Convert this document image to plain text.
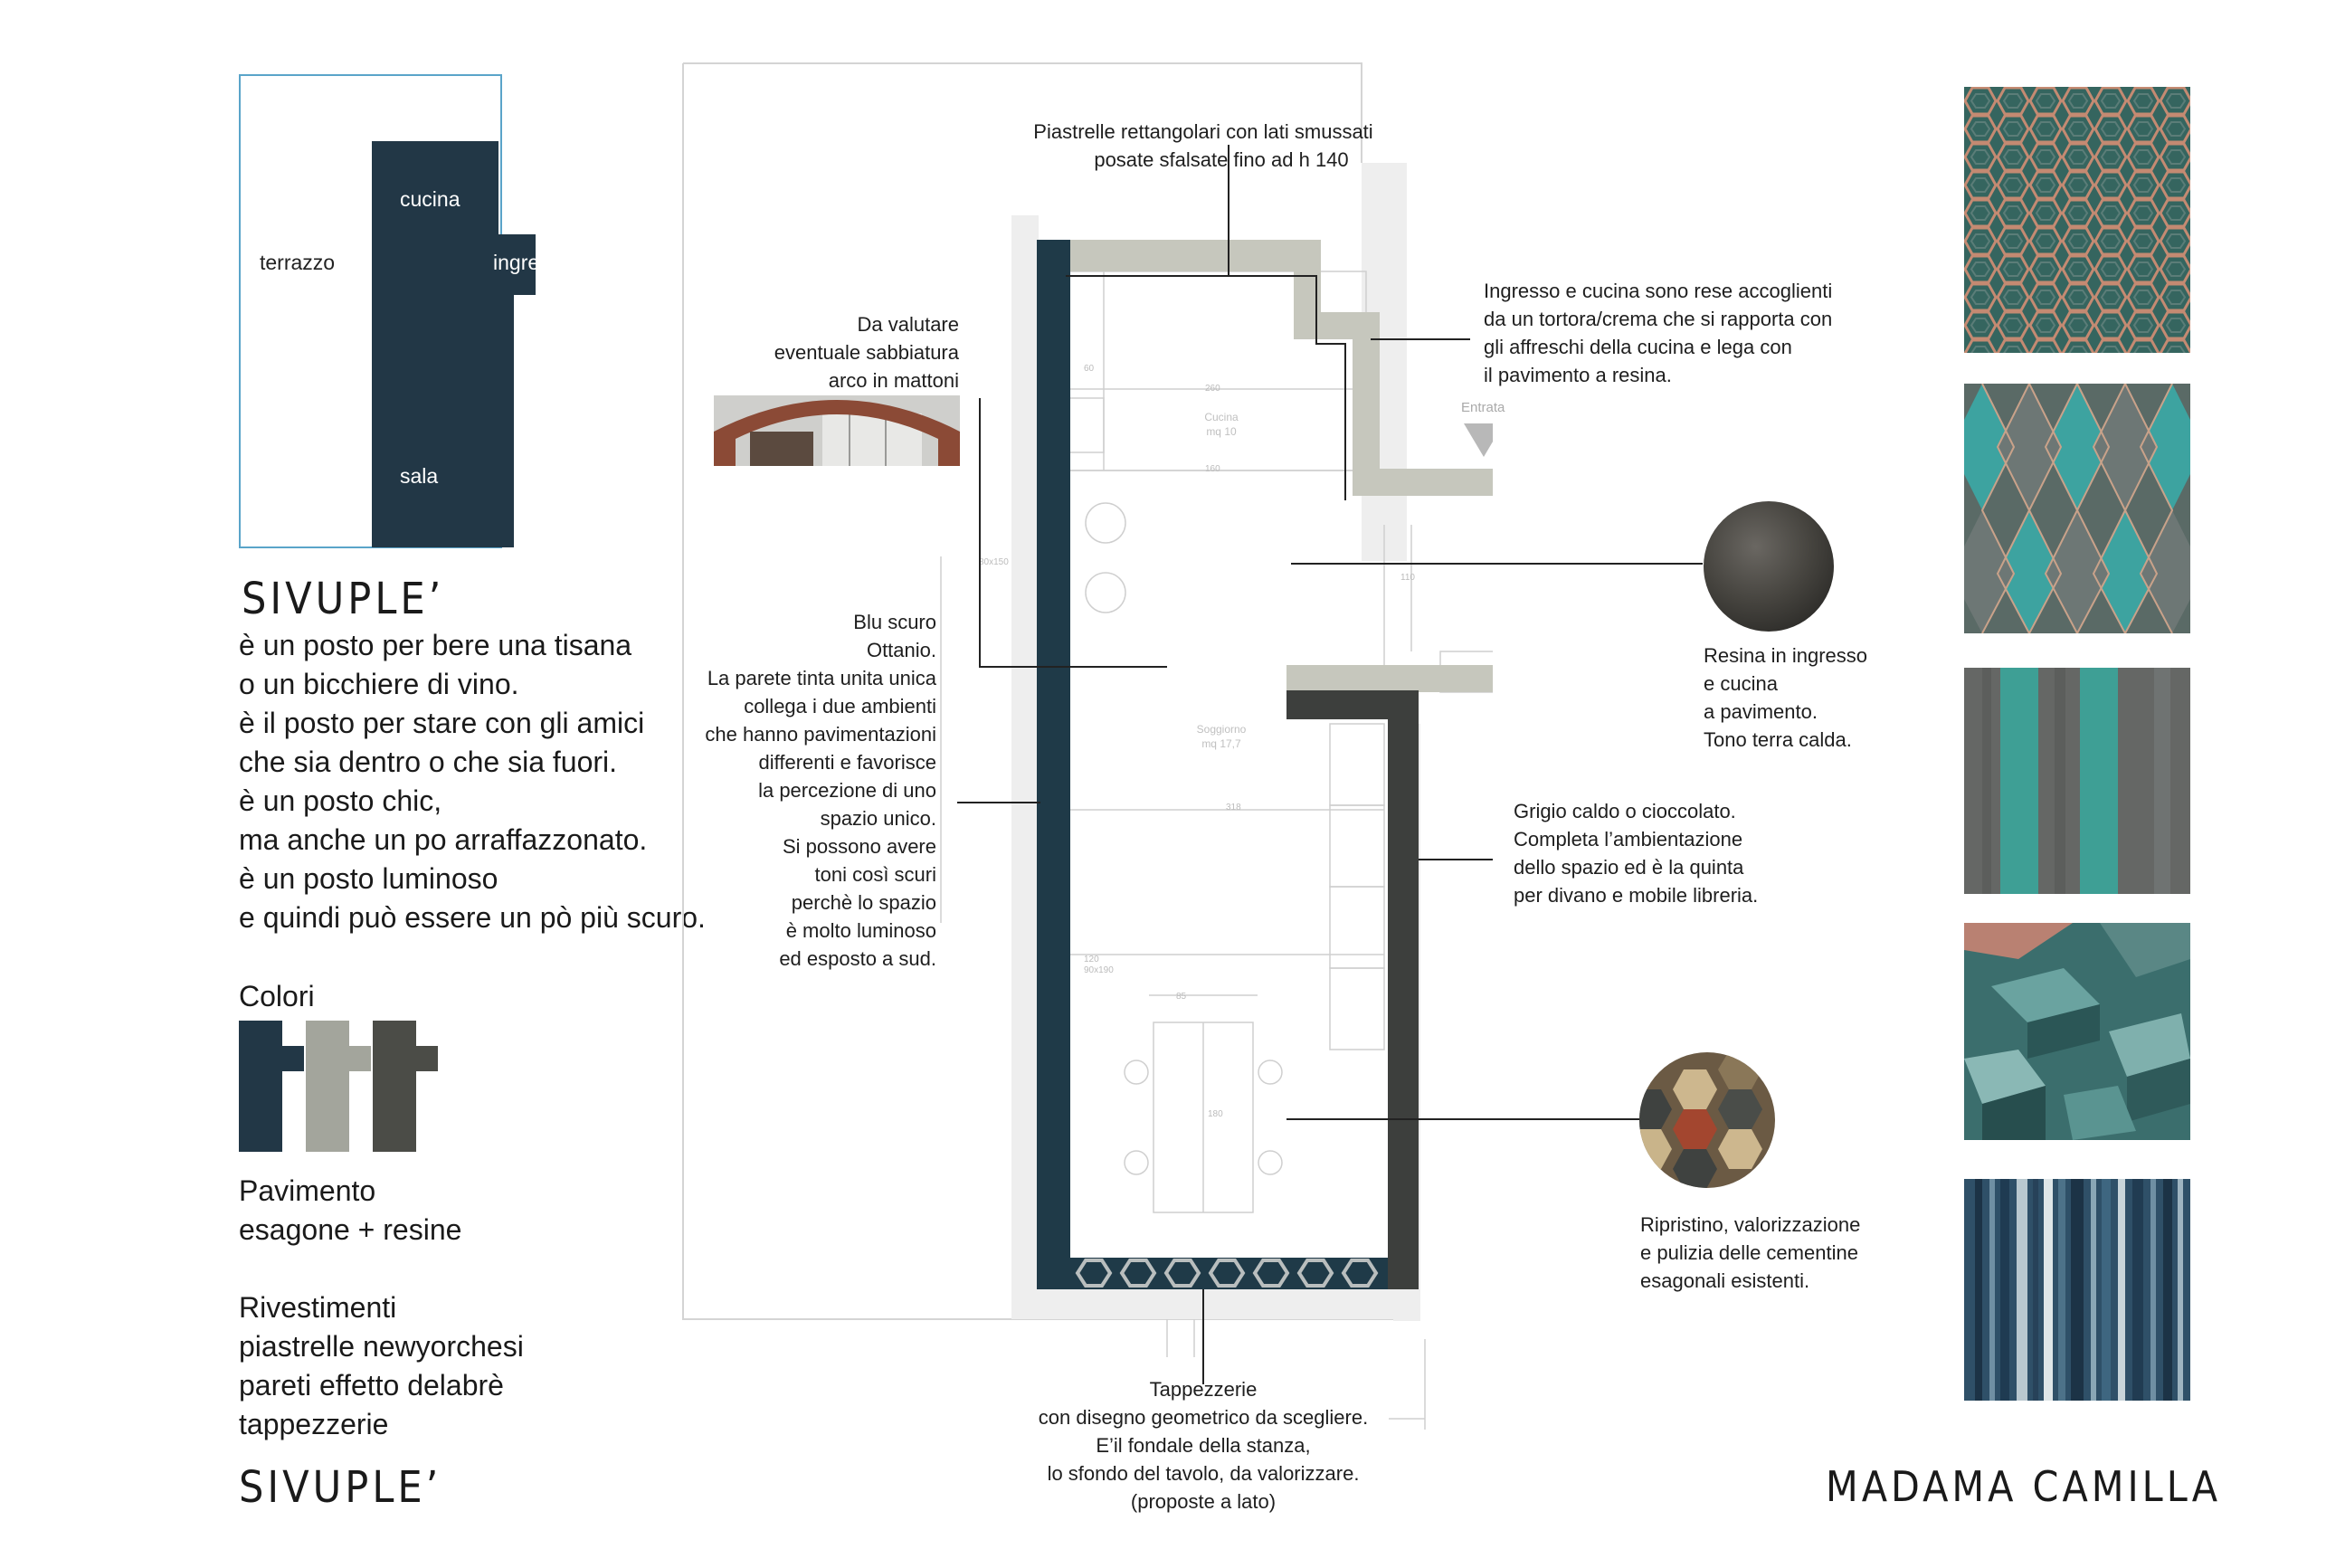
terrazzo
cucina
ingresso
sala
SIVUPLE’
è un posto per bere una tisana
o un bicchiere di vino.
è il posto per stare con gli amici
che sia dentro o che sia fuori.
è un posto chic,
ma anche un po arraffazzonato.
è un posto luminoso
e quindi può essere un pò più scuro.
Colori
Pavimento
esagone + resine
Rivestimenti
piastrelle newyorchesi
pareti effetto delabrè
tappezzerie
SIVUPLE’
Entrata
Cucina
mq 10
Soggiorno
mq 17,7
260
160
318
180
120
85
80x150
60
110
90x190
Piastrelle rettangolari con lati smussati
posate sfalsate fino ad h 140
Da valutare
eventuale sabbiatura
arco in mattoni
Ingresso e cucina sono rese accoglienti
da un tortora/crema che si rapporta con
gli affreschi della cucina e lega con
il pavimento a resina.
Resina in ingresso
e cucina
a pavimento.
Tono terra calda.
Blu scuro
Ottanio.
La parete tinta unita unica
collega i due ambienti
che hanno pavimentazioni
differenti e favorisce
la percezione di uno
spazio unico.
Si possono avere
toni così scuri
perchè lo spazio
è molto luminoso
ed esposto a sud.
Grigio caldo o cioccolato.
Completa l’ambientazione
dello spazio ed è la quinta
per divano e mobile libreria.
Ripristino, valorizzazione
e pulizia delle cementine
esagonali esistenti.
Tappezzerie
con disegno geometrico da scegliere.
E’il fondale della stanza,
lo sfondo del tavolo, da valorizzare.
(proposte a lato)	MADAMA CAMILLA
